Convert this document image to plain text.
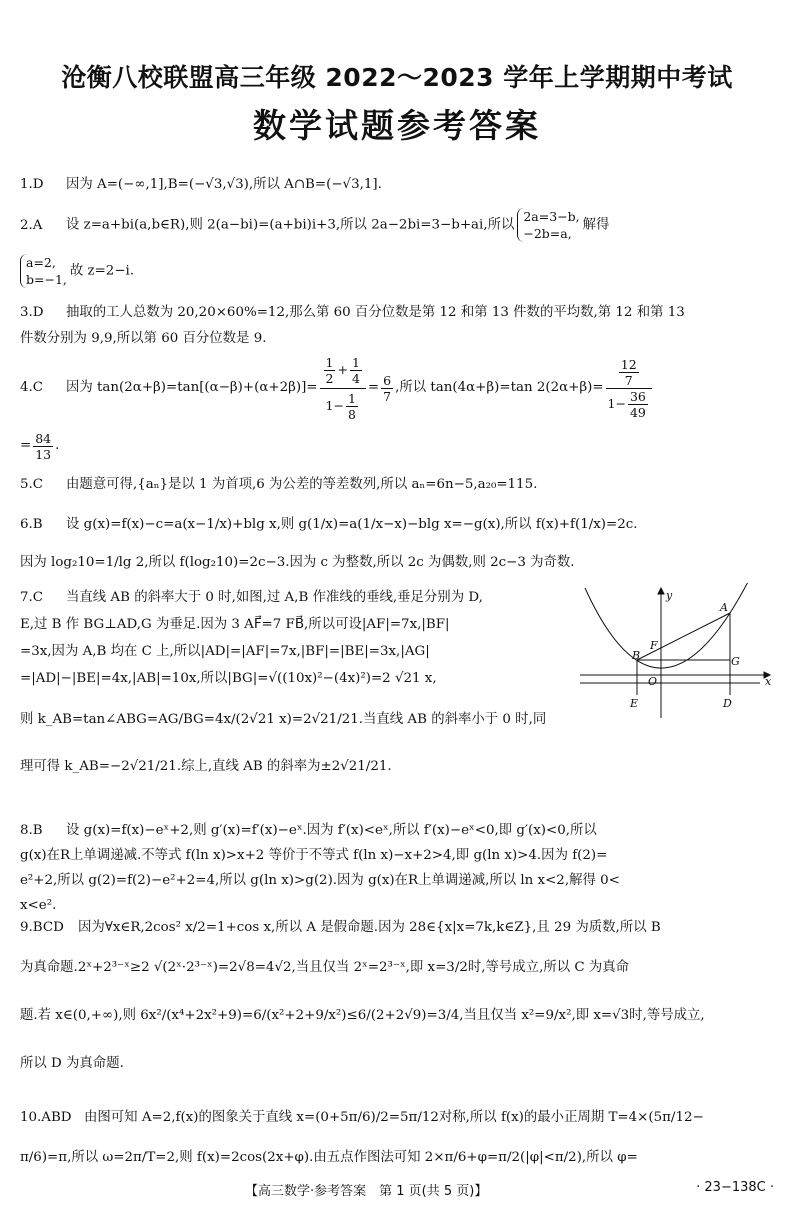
沧衡八校联盟高三年级 2022～2023 学年上学期期中考试
数学试题参考答案
1.D 因为 A=(−∞,1],B=(−√3,√3),所以 A∩B=(−√3,1].
2.A 设 z=a+bi(a,b∈R),则 2(a−bi)=(a+bi)i+3,所以 2a−2bi=3−b+ai,所以
2a=3−b,
−2b=a,
解得
a=2,
b=−1,
故 z=2−i.
3.D 抽取的工人总数为 20,20×60%=12,那么第 60 百分位数是第 12 和第 13 件数的平均数,第 12 和第 13
件数分别为 9,9,所以第 60 百分位数是 9.
4.C	因为 $\tan(2\alpha+\beta)=\tan[(\alpha-\beta)+(\alpha+2\beta)]= \frac{\frac{1}{2} + \frac{1}{4}}{1- \frac{1}{8}} = \frac{6}{7}$ ,所以 tan(4α+β)=tan $2(2\alpha+\beta)= \frac{\frac{12}{7}}{1- \frac{36}{49}}$
= $\frac{84}{13}$ .
5.C 由题意可得,{aₙ}是以 1 为首项,6 为公差的等差数列,所以 aₙ=6n−5,a₂₀=115.
6.B 设 g(x)=f(x)−c=a(x−1/x)+blg x,则 g(1/x)=a(1/x−x)−blg x=−g(x),所以 f(x)+f(1/x)=2c.
因为 log₂10=1/lg 2,所以 f(log₂10)=2c−3.因为 c 为整数,所以 2c 为偶数,则 2c−3 为奇数.
7.C 当直线 AB 的斜率大于 0 时,如图,过 A,B 作准线的垂线,垂足分别为 D,
E,过 B 作 BG⊥AD,G 为垂足.因为 3 AF⃗=7 FB⃗,所以可设|AF|=7x,|BF|
=3x,因为 A,B 均在 C 上,所以|AD|=|AF|=7x,|BF|=|BE|=3x,|AG|
=|AD|−|BE|=4x,|AB|=10x,所以|BG|=√((10x)²−(4x)²)=2 √21 x,
则 k_AB=tan∠ABG=AG/BG=4x/(2√21 x)=2√21/21.当直线 AB 的斜率小于 0 时,同
理可得 k_AB=−2√21/21.综上,直线 AB 的斜率为±2√21/21.
y
A
F
B	G
O	x
E	D
8.B 设 g(x)=f(x)−eˣ+2,则 g′(x)=f′(x)−eˣ.因为 f′(x)<eˣ,所以 f′(x)−eˣ<0,即 g′(x)<0,所以
g(x)在R上单调递减.不等式 f(ln x)>x+2 等价于不等式 f(ln x)−x+2>4,即 g(ln x)>4.因为 f(2)=
e²+2,所以 g(2)=f(2)−e²+2=4,所以 g(ln x)>g(2).因为 g(x)在R上单调递减,所以 ln x<2,解得 0<
x<e².
9.BCD 因为∀x∈R,2cos² x/2=1+cos x,所以 A 是假命题.因为 28∈{x|x=7k,k∈Z},且 29 为质数,所以 B
为真命题.2ˣ+2³⁻ˣ≥2 √(2ˣ·2³⁻ˣ)=2√8=4√2,当且仅当 2ˣ=2³⁻ˣ,即 x=3/2时,等号成立,所以 C 为真命
题.若 x∈(0,+∞),则 6x²/(x⁴+2x²+9)=6/(x²+2+9/x²)≤6/(2+2√9)=3/4,当且仅当 x²=9/x²,即 x=√3时,等号成立,
所以 D 为真命题.
10.ABD 由图可知 A=2,f(x)的图象关于直线 x=(0+5π/6)/2=5π/12对称,所以 f(x)的最小正周期 T=4×(5π/12−
π/6)=π,所以 ω=2π/T=2,则 f(x)=2cos(2x+φ).由五点作图法可知 2×π/6+φ=π/2(|φ|<π/2),所以 φ=
【高三数学·参考答案　第 1 页(共 5 页)】	· 23−138C ·
